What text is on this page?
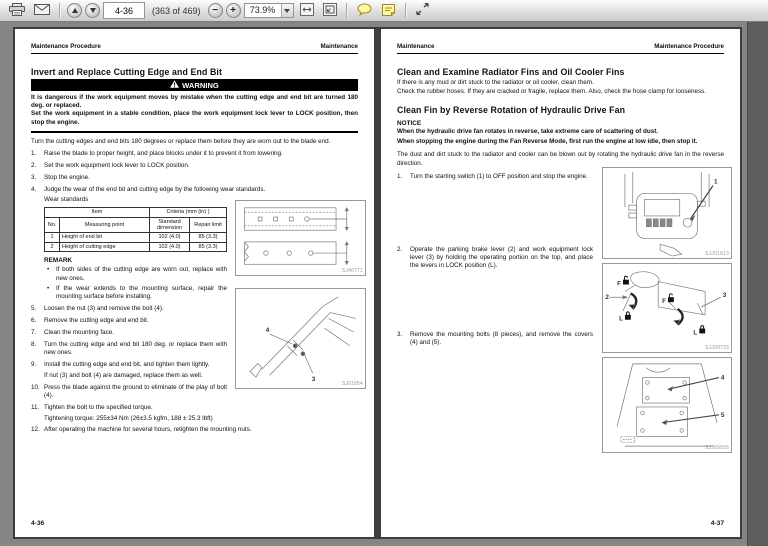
4-36
(363 of 469)	−	+	73.9%
Maintenance Procedure	Maintenance
Invert and Replace Cutting Edge and End Bit
WARNING

It is dangerous if the work equipment moves by mistake when the cutting edge and end bit are turned 180 deg. or replaced.

Set the work equipment in a stable condition, place the work equipment lock lever to LOCK position, then stop the engine.

Turn the cutting edges and end bits 180 degrees or replace them before they are worn out to the blade end.

1.	Raise the blade to proper height, and place blocks under it to prevent it from lowering.
2.	Set the work equipment lock lever to LOCK position.
3.	Stop the engine.
4.	Judge the wear of the end bit and cutting edge by the following wear standards.
Wear standards
Item		Criteria (mm (in) )	
No.	Measuring point	Standard dimension	Repair limit
1	Height of end bit	102 (4.0)	85 (3.3)
2	Height of cutting edge	102 (4.0)	85 (3.3)
REMARK
•	If both sides of the cutting edge are worn out, replace with new ones.
•	If the wear extends to the mounting surface, repair the mounting surface before installing.
5.	Loosen the nut (3) and remove the bolt (4).
6.	Remove the cutting edge and end bit.
7.	Clean the mounting face.
8.	Turn the cutting edge and end bit 180 deg. or replace them with new ones.
9.	Install the cutting edge and end bit, and tighten them lightly.
If nut (3) and bolt (4) are damaged, replace them as well.
10. Press the blade against the ground to eliminate of the play of bolt (4).
11. Tighten the bolt to the specified torque.
Tightening torque: 255±34 Nm (26±3.5 kgfm, 188 ± 25.3 lbft)
12. After operating the machine for several hours, retighten the mounting nuts.
SJ40771
4
3
SJ01854
4-36
Maintenance	Maintenance Procedure
Clean and Examine Radiator Fins and Oil Cooler Fins

If there is any mud or dirt stuck to the radiator or oil cooler, clean them.

Check the rubber hoses. If they are cracked or fragile, replace them. Also, check the hose clamp for looseness.

Clean Fin by Reverse Rotation of Hydraulic Drive Fan
NOTICE

When the hydraulic drive fan rotates in reverse, take extreme care of scattering of dust.

When stopping the engine during the Fan Reverse Mode, first run the engine at low idle, then stop it.

The dust and dirt stuck to the radiator and cooler can be blown out by rotating the hydraulic drive fan in the reverse direction.

1.	Turn the starting switch (1) to OFF position and stop the engine.
2.	Operate the parking brake lever (2) and work equipment lock lever (3) by holding the operating portion on the top, and place the levers in LOCK position (L).
3.	Remove the mounting bolts (8 pieces), and remove the covers (4) and (5).
1
SJJ01813
F
L
F
L
2	3
SJJ09733
4
5
SJJ09935
4-37
